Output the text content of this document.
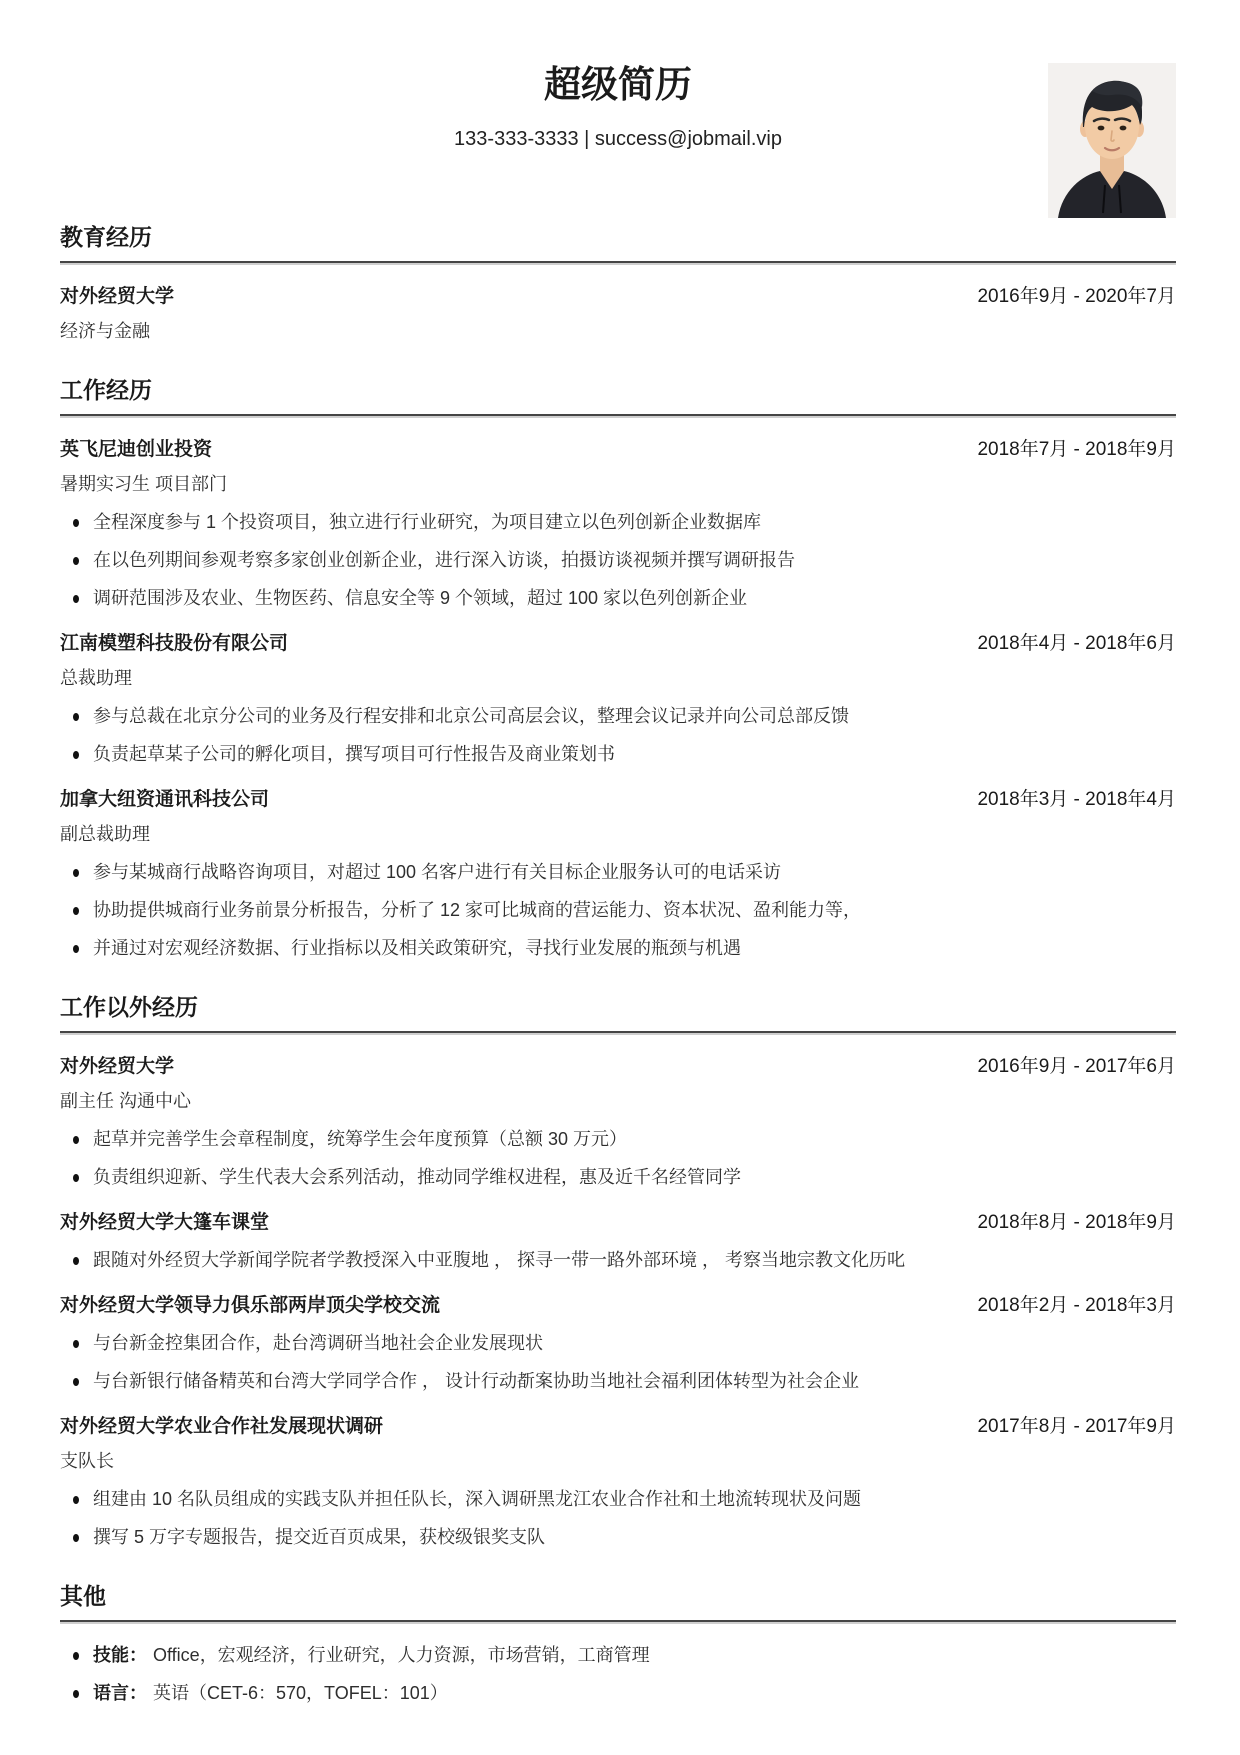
超级简历
133-333-3333 | success@jobmail.vip
教育经历
对外经贸大学	2016年9月 - 2020年7月
经济与金融
工作经历
英飞尼迪创业投资	2018年7月 - 2018年9月
暑期实习生 项目部门
全程深度参与 1 个投资项目，独立进行行业研究，为项目建立以色列创新企业数据库
在以色列期间参观考察多家创业创新企业，进行深入访谈，拍摄访谈视频并撰写调研报告
调研范围涉及农业、生物医药、信息安全等 9 个领域，超过 100 家以色列创新企业
江南模塑科技股份有限公司	2018年4月 - 2018年6月
总裁助理
参与总裁在北京分公司的业务及行程安排和北京公司高层会议，整理会议记录并向公司总部反馈
负责起草某子公司的孵化项目，撰写项目可行性报告及商业策划书
加拿大纽资通讯科技公司	2018年3月 - 2018年4月
副总裁助理
参与某城商行战略咨询项目，对超过 100 名客户进行有关目标企业服务认可的电话采访
协助提供城商行业务前景分析报告，分析了 12 家可比城商的营运能力、资本状况、盈利能力等，
并通过对宏观经济数据、行业指标以及相关政策研究，寻找行业发展的瓶颈与机遇
工作以外经历
对外经贸大学	2016年9月 - 2017年6月
副主任 沟通中心
起草并完善学生会章程制度，统筹学生会年度预算（总额 30 万元）
负责组织迎新、学生代表大会系列活动，推动同学维权进程，惠及近千名经管同学
对外经贸大学大篷车课堂	2018年8月 - 2018年9月
跟随对外经贸大学新闻学院者学教授深入中亚腹地 ， 探寻一带一路外部环境 ， 考察当地宗教文化历叱
对外经贸大学领导力俱乐部两岸顶尖学校交流	2018年2月 - 2018年3月
与台新金控集团合作，赴台湾调研当地社会企业发展现状
与台新银行储备精英和台湾大学同学合作 ， 设计行动斱案协助当地社会福利团体转型为社会企业
对外经贸大学农业合作社发展现状调研	2017年8月 - 2017年9月
支队长
组建由 10 名队员组成的实践支队并担任队长，深入调研黑龙江农业合作社和土地流转现状及问题
撰写 5 万字专题报告，提交近百页成果，获校级银奖支队
其他
技能： Office，宏观经济，行业研究，人力资源，市场营销，工商管理
语言： 英语（CET-6：570，TOFEL：101）
